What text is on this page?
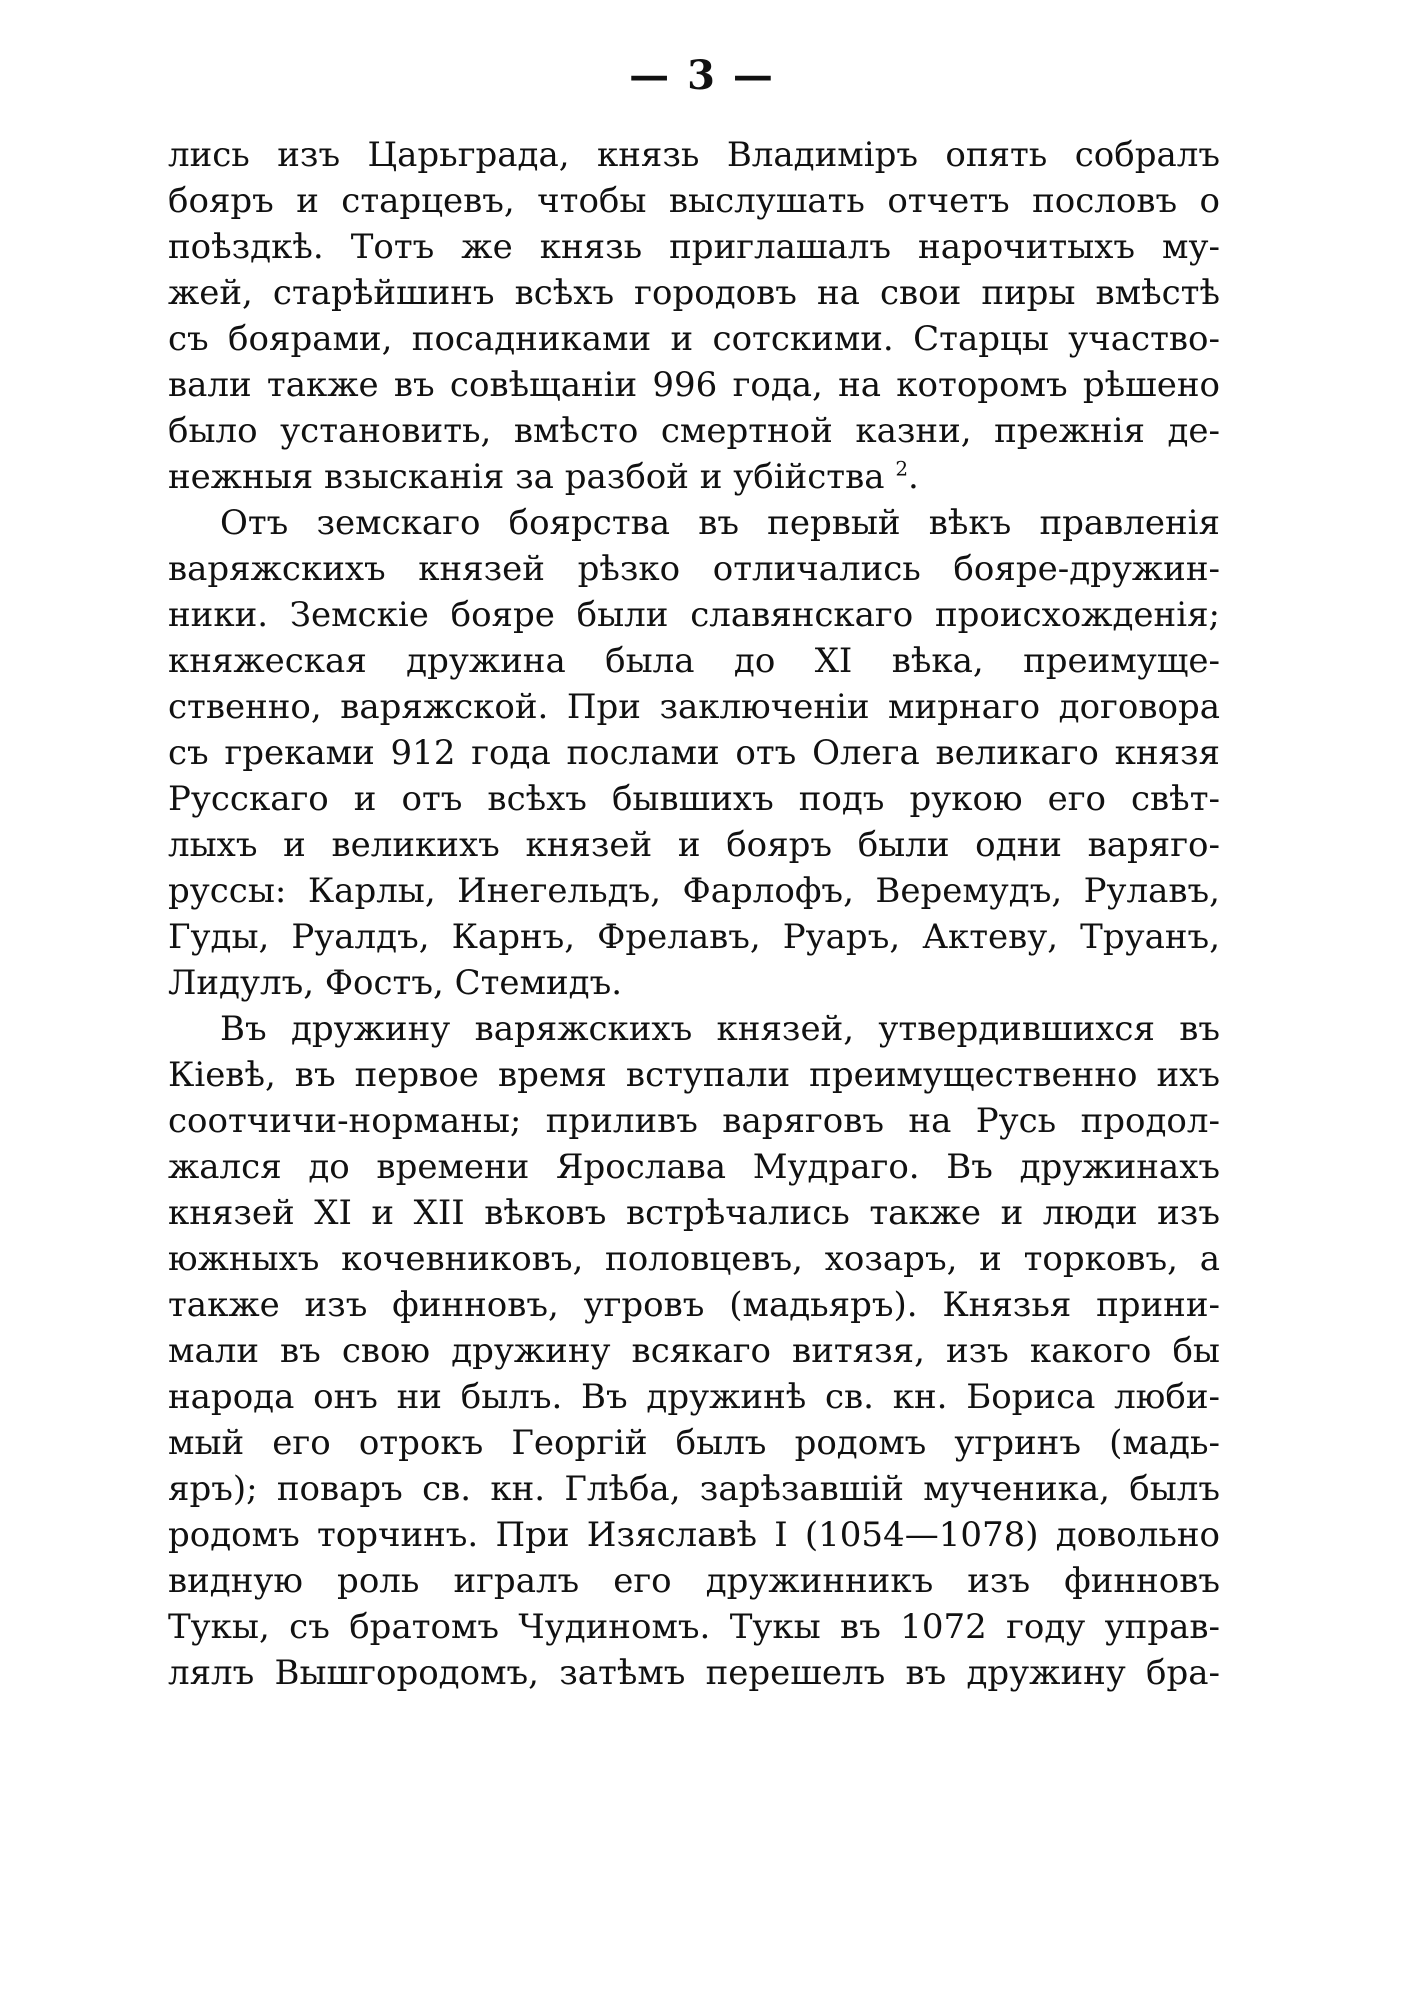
— 3 —
лись изъ Царьграда, князь Владимiръ опять собралъ
бояръ и старцевъ, чтобы выслушать отчетъ пословъ о
поѣздкѣ. Тотъ же князь приглашалъ нарочитыхъ му-
жей, старѣйшинъ всѣхъ городовъ на свои пиры вмѣстѣ
съ боярами, посадниками и сотскими. Старцы участво-
вали также въ совѣщанiи 996 года, на которомъ рѣшено
было установить, вмѣсто смертной казни, прежнiя де-
нежныя взысканiя за разбой и убiйства $^2$.
Отъ земскаго боярства въ первый вѣкъ правленiя
варяжскихъ князей рѣзко отличались бояре-дружин-
ники. Земскiе бояре были славянскаго происхожденiя;
княжеская дружина была до XI вѣка, преимуще-
ственно, варяжской. При заключенiи мирнаго договора
съ греками 912 года послами отъ Олега великаго князя
Русскаго и отъ всѣхъ бывшихъ подъ рукою его свѣт-
лыхъ и великихъ князей и бояръ были одни варяго-
руссы: Карлы, Инегельдъ, Фарлофъ, Веремудъ, Рулавъ,
Гуды, Руалдъ, Карнъ, Фрелавъ, Руаръ, Актеву, Труанъ,
Лидулъ, Фостъ, Стемидъ.
Въ дружину варяжскихъ князей, утвердившихся въ
Кiевѣ, въ первое время вступали преимущественно ихъ
соотчичи-норманы; приливъ варяговъ на Русь продол-
жался до времени Ярослава Мудраго. Въ дружинахъ
князей XI и XII вѣковъ встрѣчались также и люди изъ
южныхъ кочевниковъ, половцевъ, хозаръ, и торковъ, а
также изъ финновъ, угровъ (мадьяръ). Князья прини-
мали въ свою дружину всякаго витязя, изъ какого бы
народа онъ ни былъ. Въ дружинѣ св. кн. Бориса люби-
мый его отрокъ Георгiй былъ родомъ угринъ (мадь-
яръ); поваръ св. кн. Глѣба, зарѣзавшiй мученика, былъ
родомъ торчинъ. При Изяславѣ I (1054—1078) довольно
видную роль игралъ его дружинникъ изъ финновъ
Тукы, съ братомъ Чудиномъ. Тукы въ 1072 году управ-
лялъ Вышгородомъ, затѣмъ перешелъ въ дружину бра-
